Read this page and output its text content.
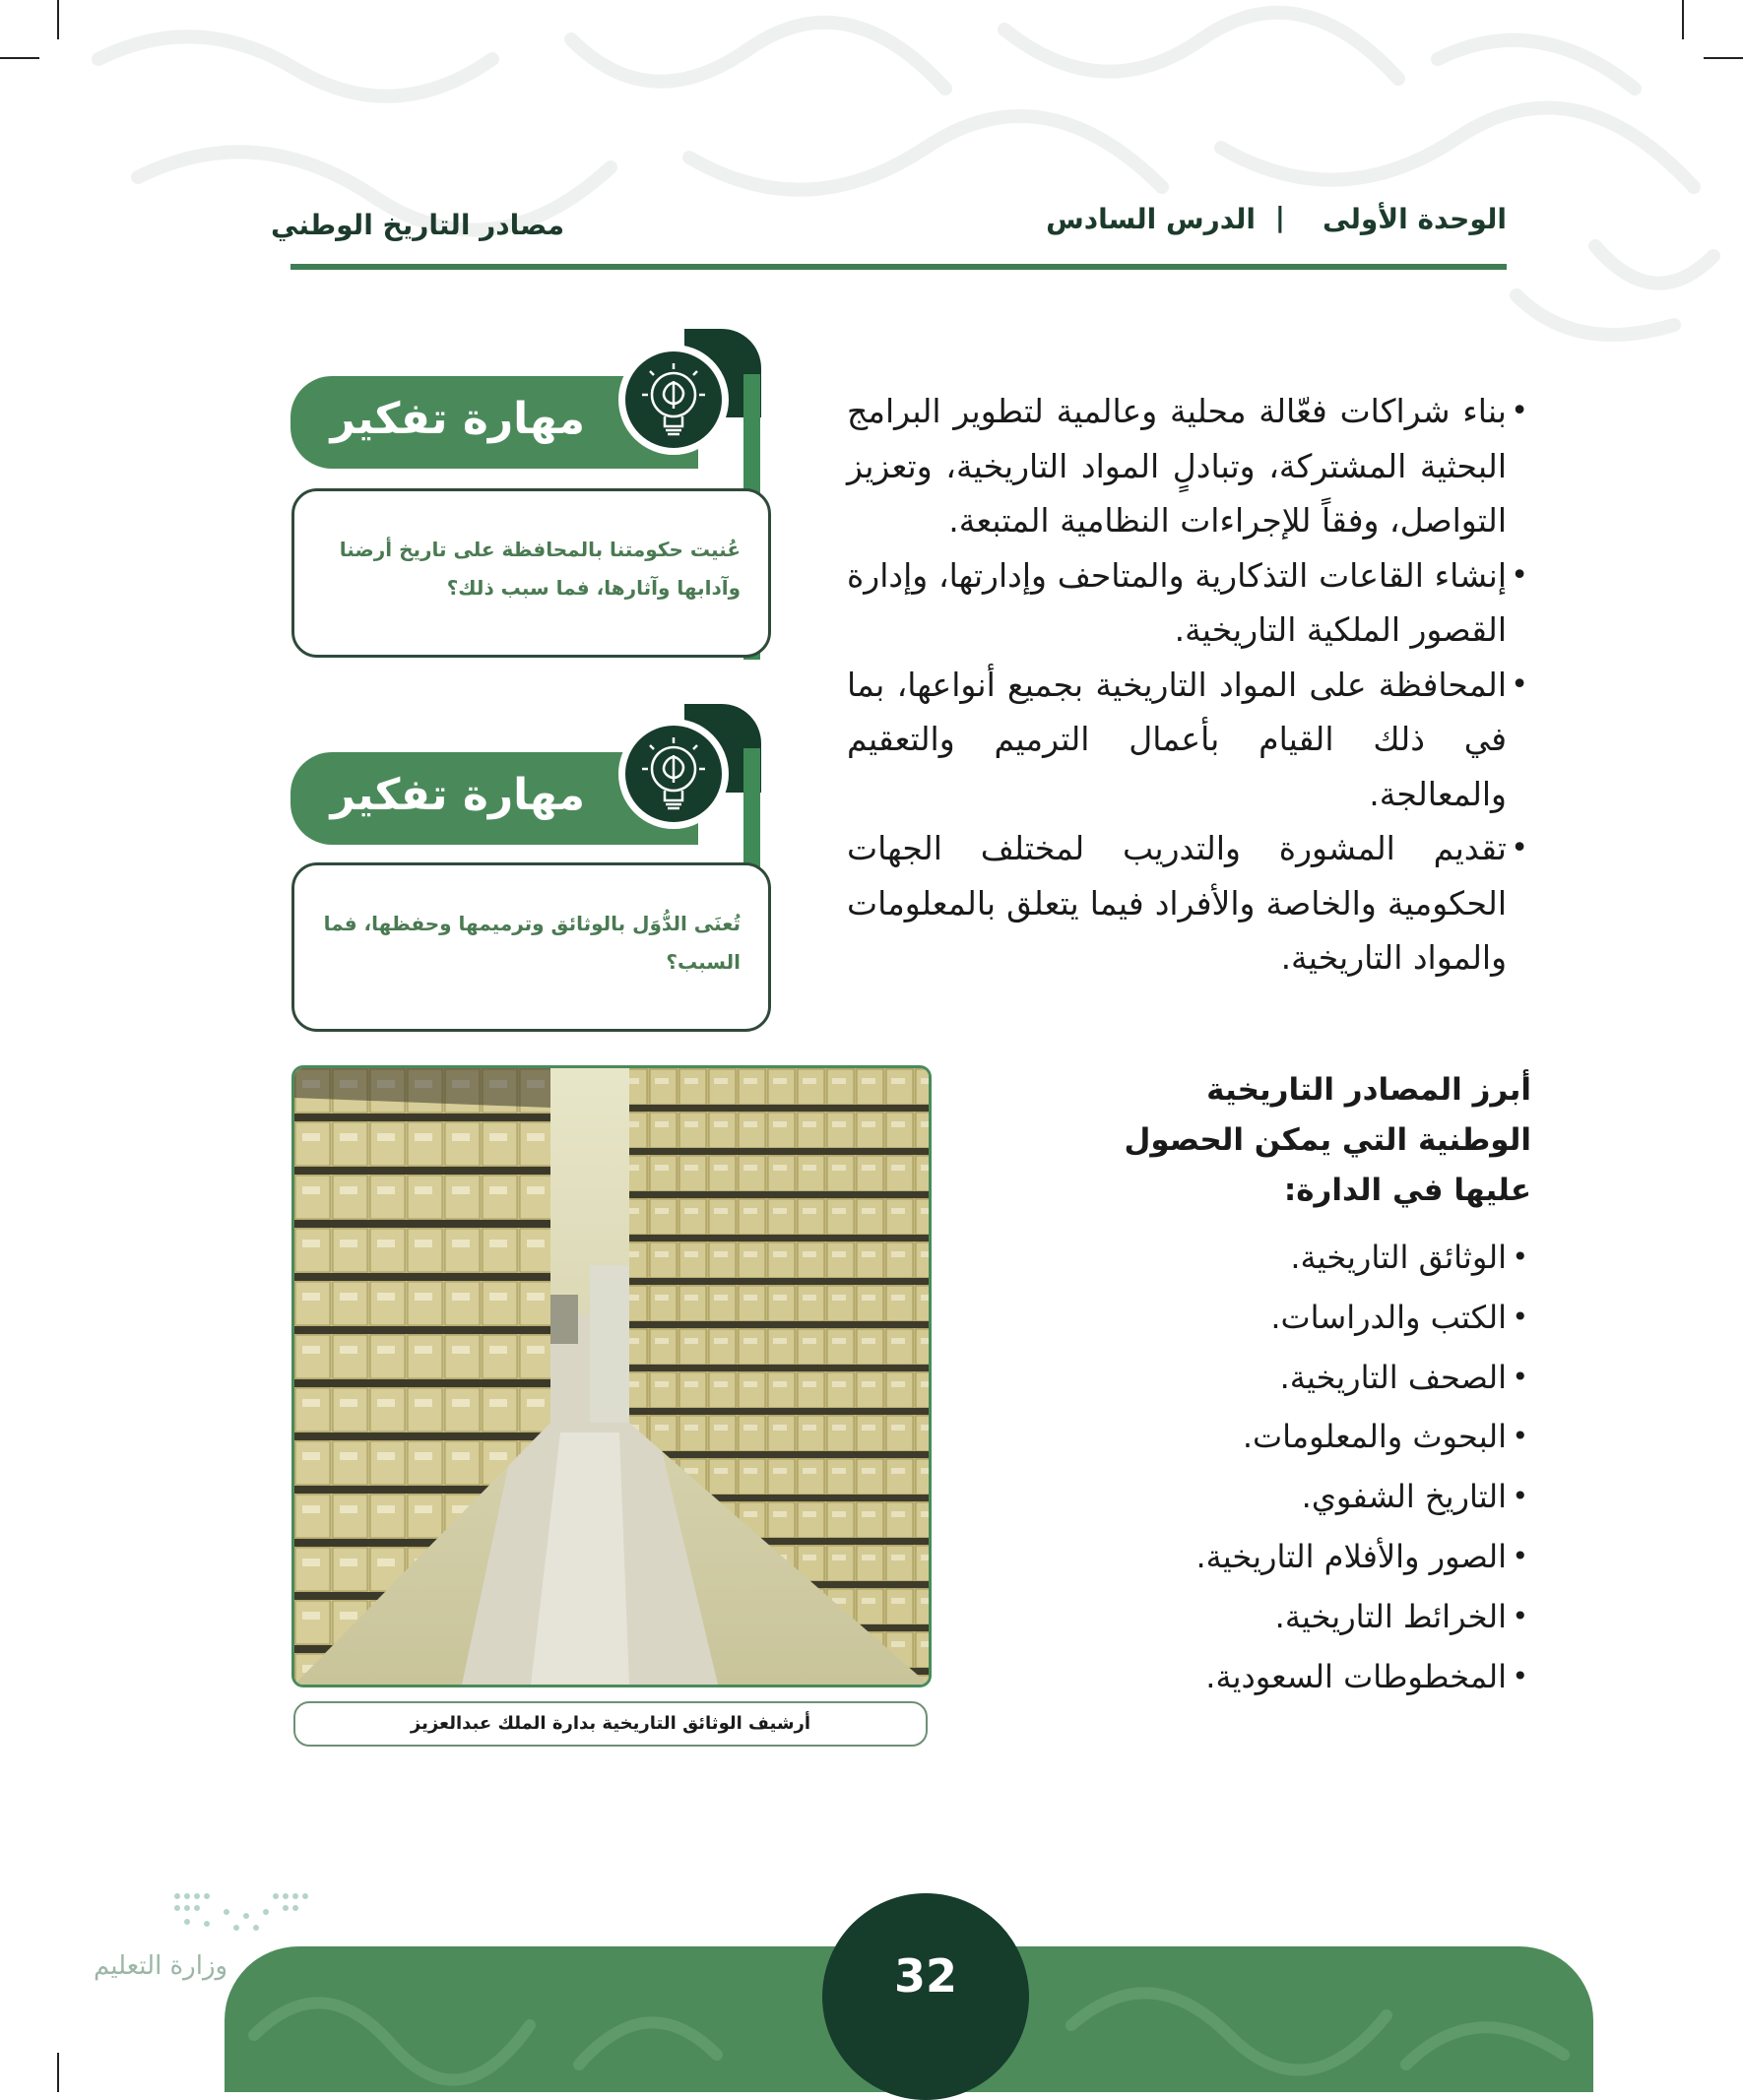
الوحدة الأولى
|
الدرس السادس
مصادر التاريخ الوطني
مهارة تفكير
عُنيت حكومتنا بالمحافظة على تاريخ أرضنا وآدابها وآثارها، فما سبب ذلك؟
مهارة تفكير
تُعنَى الدُّوَل بالوثائق وترميمها وحفظها، فما السبب؟
• بناء شراكات فعّالة محلية وعالمية لتطوير البرامج البحثية المشتركة، وتبادلٍ المواد التاريخية، وتعزيز التواصل، وفقاً للإجراءات النظامية المتبعة.
• إنشاء القاعات التذكارية والمتاحف وإدارتها، وإدارة القصور الملكية التاريخية.
• المحافظة على المواد التاريخية بجميع أنواعها، بما في ذلك القيام بأعمال الترميم والتعقيم والمعالجة.
• تقديم المشورة والتدريب لمختلف الجهات الحكومية والخاصة والأفراد فيما يتعلق بالمعلومات والمواد التاريخية.

أبرز المصادر التاريخية الوطنية التي يمكن الحصول عليها في الدارة:

• الوثائق التاريخية.
• الكتب والدراسات.
• الصحف التاريخية.
• البحوث والمعلومات.
• التاريخ الشفوي.
• الصور والأفلام التاريخية.
• الخرائط التاريخية.
• المخطوطات السعودية.
أرشيف الوثائق التاريخية بدارة الملك عبدالعزيز
32
وزارة التعليم
